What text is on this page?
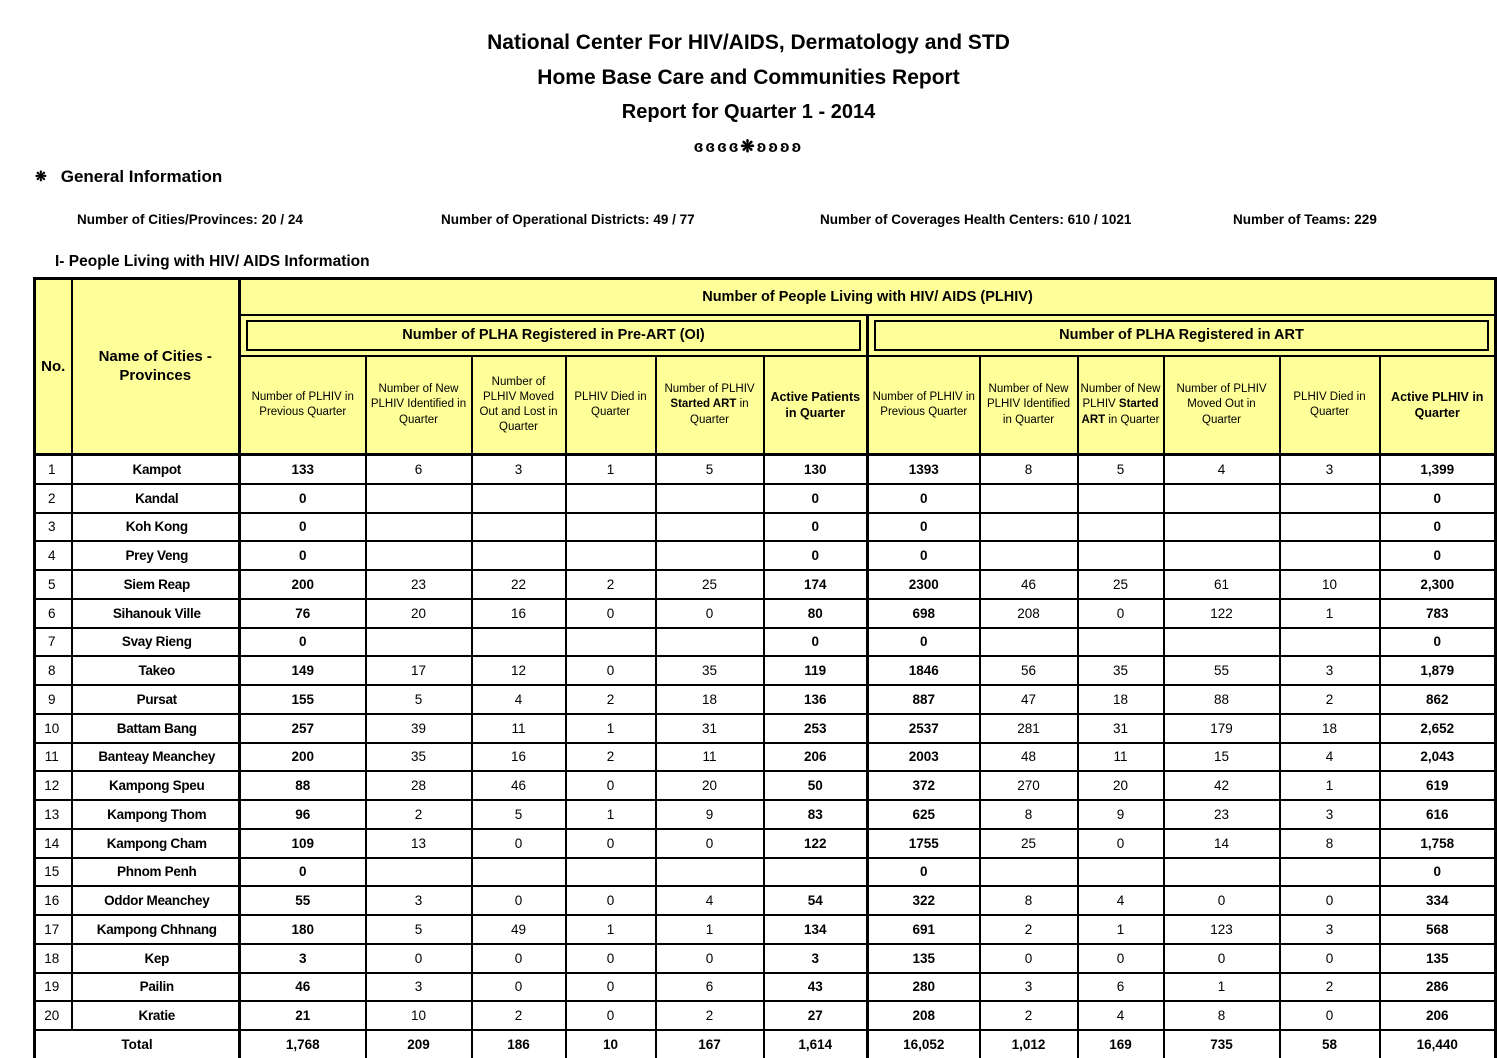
National Center For HIV/AIDS, Dermatology and STD
Home Base Care and Communities Report
Report for Quarter 1 - 2014
ɞɞɞɞ❋ʚʚʚʚ
❋ General Information
Number of Cities/Provinces: 20 / 24	Number of Operational Districts: 49 / 77	Number of Coverages Health Centers: 610 / 1021	Number of Teams: 229
I- People Living with HIV/ AIDS Information
No.	Name of Cities - Provinces	Number of People Living with HIV/ AIDS (PLHIV)											

		Number of PLHA Registered in Pre-ART (OI)						Number of PLHA Registered in ART					

		Number of PLHIV in Previous Quarter	Number of New PLHIV Identified in Quarter	Number of PLHIV Moved Out and Lost in Quarter	PLHIV Died in Quarter	Number of PLHIV Started ART in Quarter	Active Patients in Quarter	Number of PLHIV in Previous Quarter	Number of New PLHIV Identified in Quarter	Number of New PLHIV Started ART in Quarter	Number of PLHIV Moved Out in Quarter	PLHIV Died in Quarter	Active PLHIV in Quarter
1	Kampot	133	6	3	1	5	130	1393	8	5	4	3	1,399
2	Kandal	0					0	0					0
3	Koh Kong	0					0	0					0
4	Prey Veng	0					0	0					0
5	Siem Reap	200	23	22	2	25	174	2300	46	25	61	10	2,300
6	Sihanouk Ville	76	20	16	0	0	80	698	208	0	122	1	783
7	Svay Rieng	0					0	0					0
8	Takeo	149	17	12	0	35	119	1846	56	35	55	3	1,879
9	Pursat	155	5	4	2	18	136	887	47	18	88	2	862
10	Battam Bang	257	39	11	1	31	253	2537	281	31	179	18	2,652
11	Banteay Meanchey	200	35	16	2	11	206	2003	48	11	15	4	2,043
12	Kampong Speu	88	28	46	0	20	50	372	270	20	42	1	619
13	Kampong Thom	96	2	5	1	9	83	625	8	9	23	3	616
14	Kampong Cham	109	13	0	0	0	122	1755	25	0	14	8	1,758
15	Phnom Penh	0						0					0
16	Oddor Meanchey	55	3	0	0	4	54	322	8	4	0	0	334
17	Kampong Chhnang	180	5	49	1	1	134	691	2	1	123	3	568
18	Kep	3	0	0	0	0	3	135	0	0	0	0	135
19	Pailin	46	3	0	0	6	43	280	3	6	1	2	286
20	Kratie	21	10	2	0	2	27	208	2	4	8	0	206
Total		1,768	209	186	10	167	1,614	16,052	1,012	169	735	58	16,440
